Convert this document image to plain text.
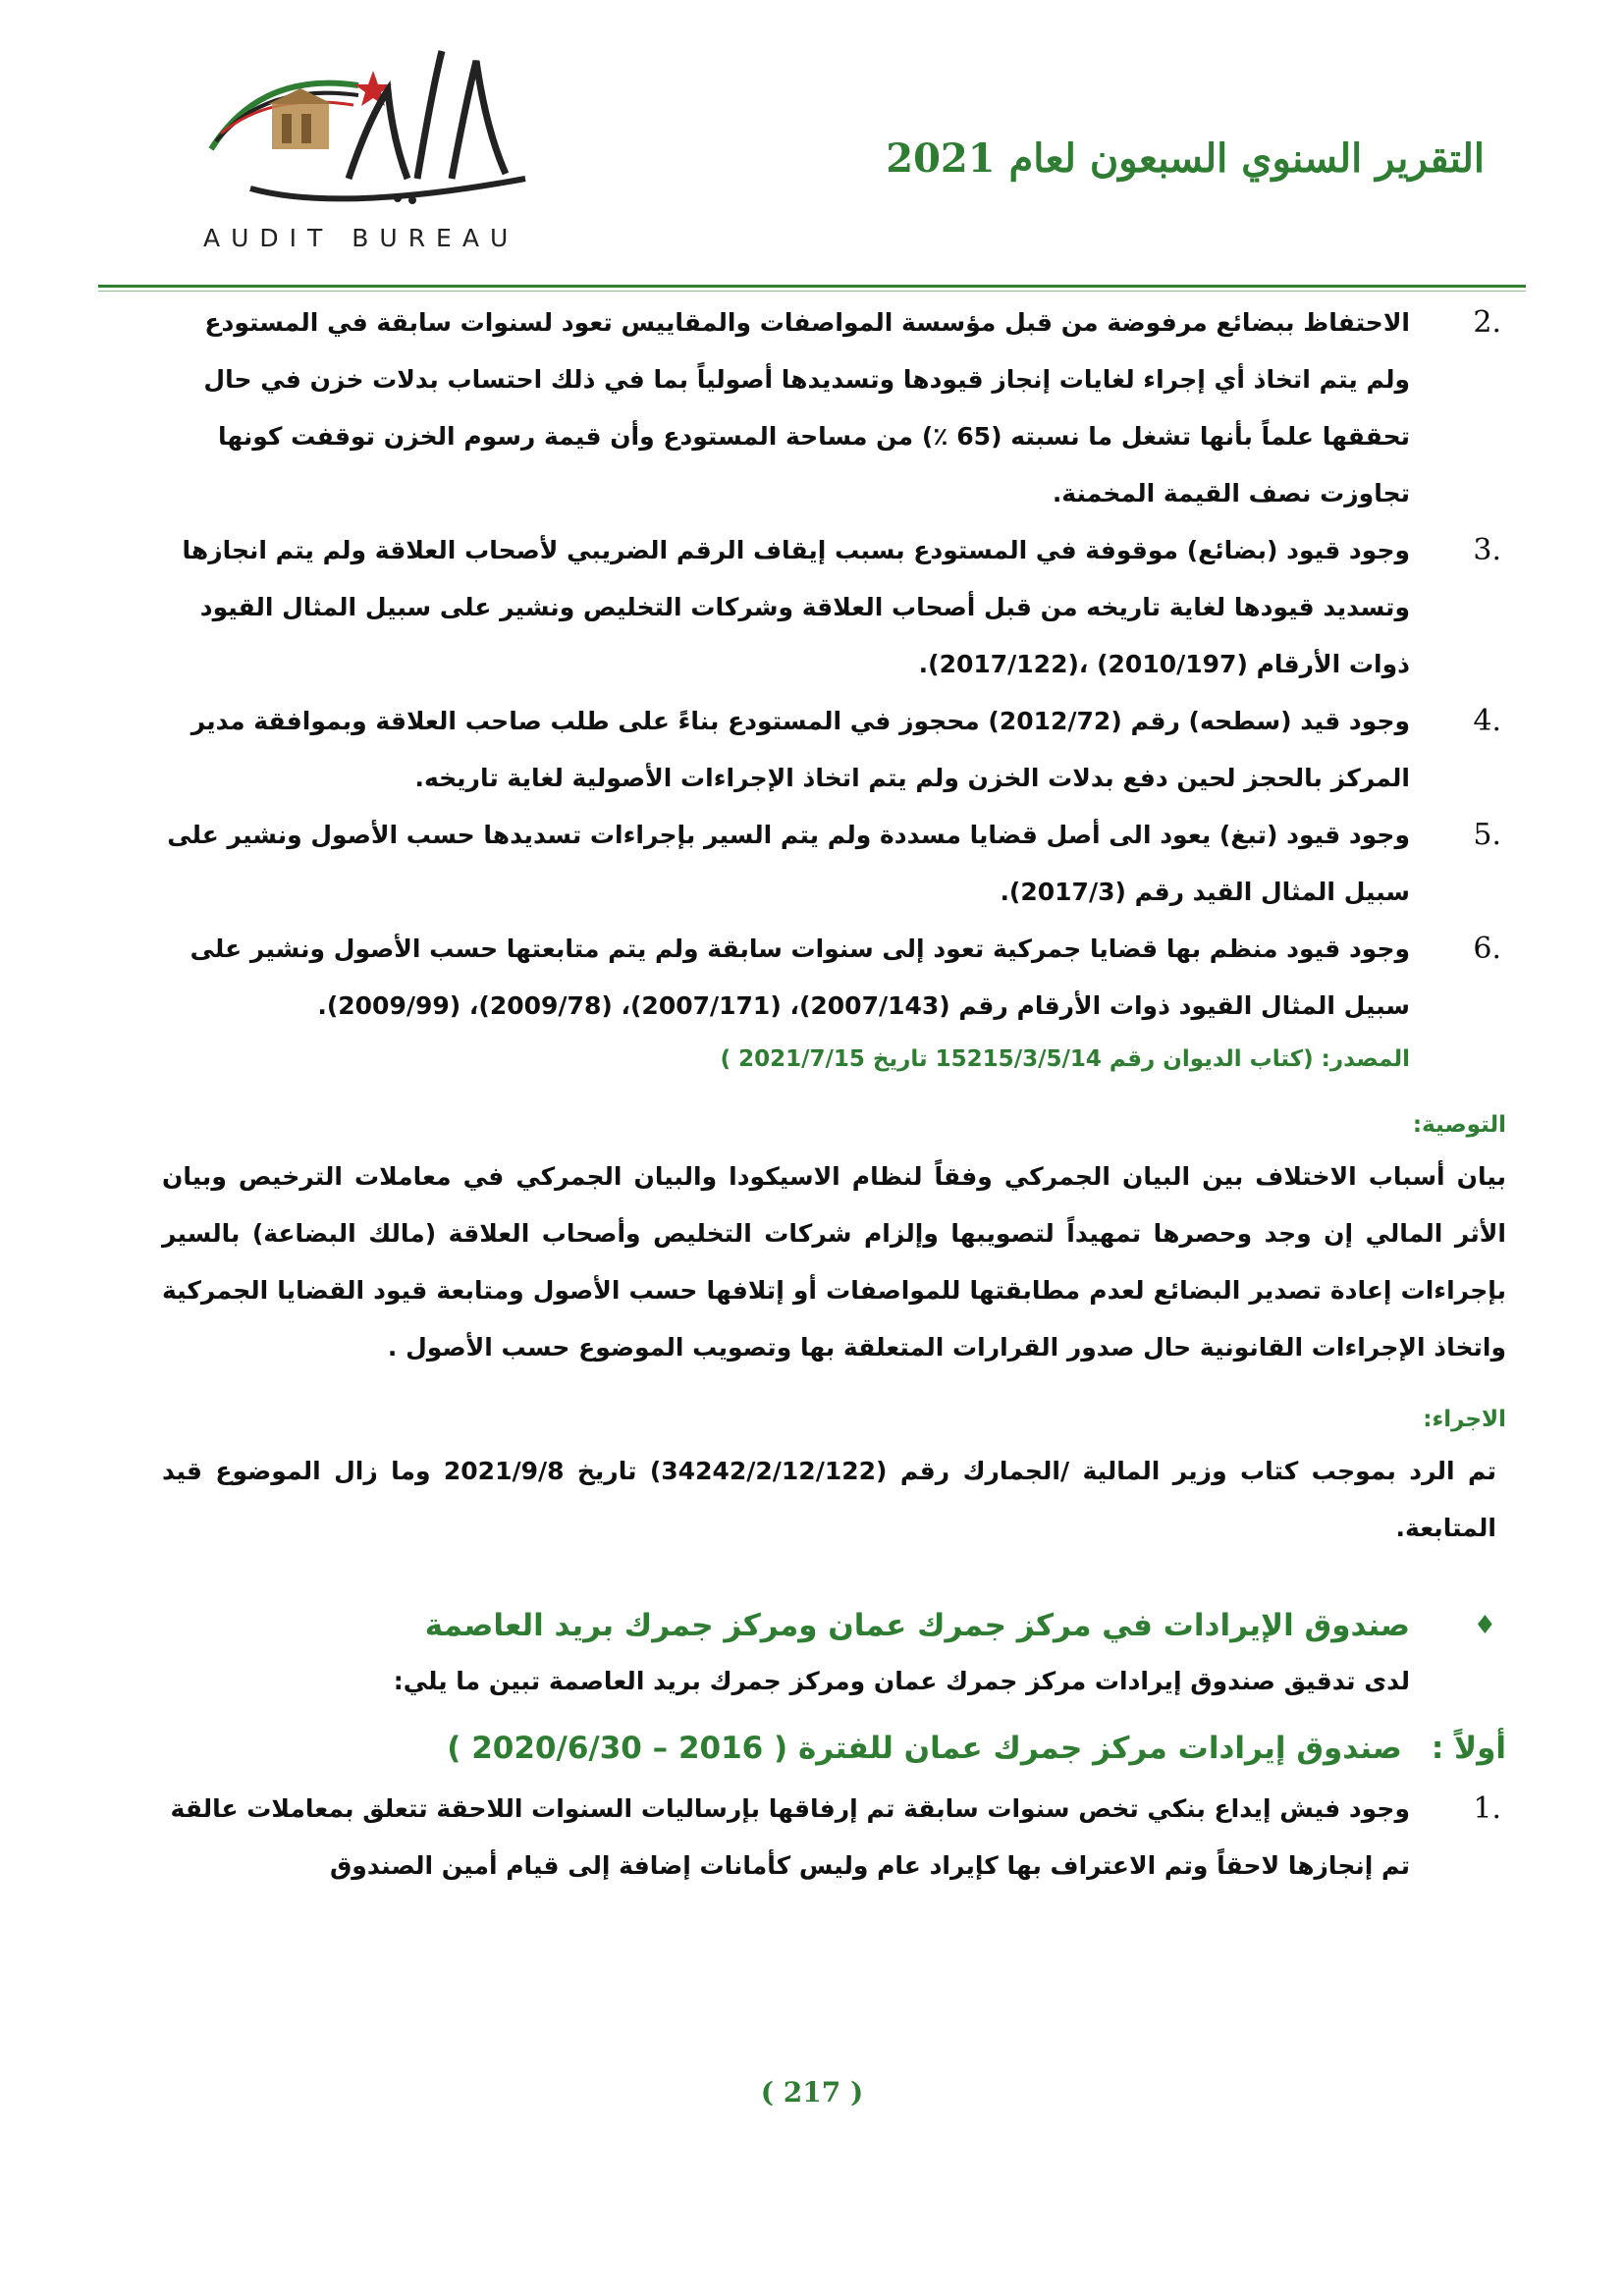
AUDIT BUREAU
التقرير السنوي السبعون لعام 2021
2.
الاحتفاظ ببضائع مرفوضة من قبل مؤسسة المواصفات والمقاييس تعود لسنوات سابقة في المستودع ولم يتم اتخاذ أي إجراء لغايات إنجاز قيودها وتسديدها أصولياً بما في ذلك احتساب بدلات خزن في حال تحققها علماً بأنها تشغل ما نسبته (65 ٪) من مساحة المستودع وأن قيمة رسوم الخزن توقفت كونها تجاوزت نصف القيمة المخمنة.
3.
وجود قيود (بضائع) موقوفة في المستودع بسبب إيقاف الرقم الضريبي لأصحاب العلاقة ولم يتم انجازها وتسديد قيودها لغاية تاريخه من قبل أصحاب العلاقة وشركات التخليص ونشير على سبيل المثال القيود ذوات الأرقام (2010/197) ،(2017/122).
4.
وجود قيد (سطحه) رقم (2012/72) محجوز في المستودع بناءً على طلب صاحب العلاقة وبموافقة مدير المركز بالحجز لحين دفع بدلات الخزن ولم يتم اتخاذ الإجراءات الأصولية لغاية تاريخه.
5.
وجود قيود (تبغ) يعود الى أصل قضايا مسددة ولم يتم السير بإجراءات تسديدها حسب الأصول ونشير على سبيل المثال القيد رقم (2017/3).
6.
وجود قيود منظم بها قضايا جمركية تعود إلى سنوات سابقة ولم يتم متابعتها حسب الأصول ونشير على سبيل المثال القيود ذوات الأرقام رقم (2007/143)، (2007/171)، (2009/78)، (2009/99).
المصدر: (كتاب الديوان رقم 15215/3/5/14 تاريخ 2021/7/15 )
التوصية:
بيان أسباب الاختلاف بين البيان الجمركي وفقاً لنظام الاسيكودا والبيان الجمركي في معاملات الترخيص وبيان الأثر المالي إن وجد وحصرها تمهيداً لتصويبها وإلزام شركات التخليص وأصحاب العلاقة (مالك البضاعة) بالسير بإجراءات إعادة تصدير البضائع لعدم مطابقتها للمواصفات أو إتلافها حسب الأصول ومتابعة قيود القضايا الجمركية واتخاذ الإجراءات القانونية حال صدور القرارات المتعلقة بها وتصويب الموضوع حسب الأصول .
الاجراء:
تم الرد بموجب كتاب وزير المالية /الجمارك رقم (34242/2/12/122) تاريخ 2021/9/8 وما زال الموضوع قيد المتابعة.
♦
صندوق الإيرادات في مركز جمرك عمان ومركز جمرك بريد العاصمة
لدى تدقيق صندوق إيرادات مركز جمرك عمان ومركز جمرك بريد العاصمة تبين ما يلي:
أولاً :صندوق إيرادات مركز جمرك عمان للفترة ( 2016 – 2020/6/30 )
1.
وجود فيش إيداع بنكي تخص سنوات سابقة تم إرفاقها بإرساليات السنوات اللاحقة تتعلق بمعاملات عالقة تم إنجازها لاحقاً وتم الاعتراف بها كإيراد عام وليس كأمانات إضافة إلى قيام أمين الصندوق
( 217 )
